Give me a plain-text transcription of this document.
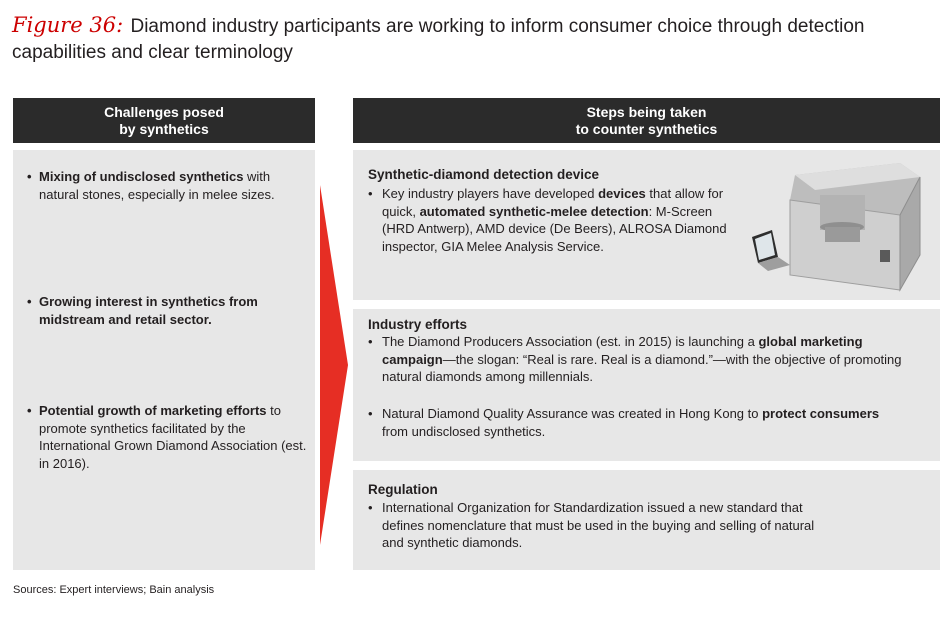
Figure 36: Diamond industry participants are working to inform consumer choice through detection capabilities and clear terminology
Challenges posed
by synthetics
Steps being taken
to counter synthetics
• Mixing of undisclosed synthetics with natural stones, especially in melee sizes.
• Growing interest in synthetics from midstream and retail sector.
• Potential growth of marketing efforts to promote synthetics facilitated by the International Grown Diamond Association (est. in 2016).
Synthetic-diamond detection device
• Key industry players have developed devices that allow for quick, automated synthetic-melee detection: M-Screen (HRD Antwerp), AMD device (De Beers), ALROSA Diamond inspector, GIA Melee Analysis Service.
Industry efforts
• The Diamond Producers Association (est. in 2015) is launching a global marketing campaign—the slogan: “Real is rare. Real is a diamond.”—with the objective of promoting natural diamonds among millennials.
• Natural Diamond Quality Assurance was created in Hong Kong to protect consumers from undisclosed synthetics.
Regulation
• International Organization for Standardization issued a new standard that defines nomenclature that must be used in the buying and selling of natural and synthetic diamonds.
Sources: Expert interviews; Bain analysis
